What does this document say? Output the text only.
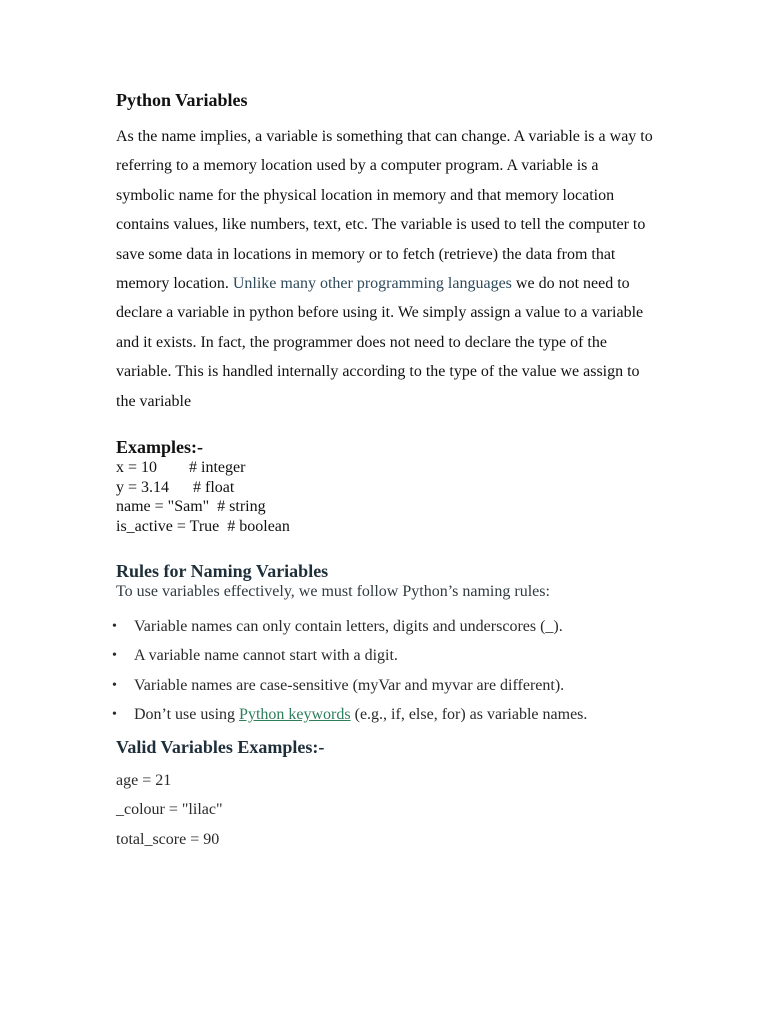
Python Variables

As the name implies, a variable is something that can change. A variable is a way to referring to a memory location used by a computer program. A variable is a symbolic name for the physical location in memory and that memory location contains values, like numbers, text, etc. The variable is used to tell the computer to save some data in locations in memory or to fetch (retrieve) the data from that memory location. Unlike many other programming languages we do not need to declare a variable in python before using it. We simply assign a value to a variable and it exists. In fact, the programmer does not need to declare the type of the variable. This is handled internally according to the type of the value we assign to the variable

Examples:-
x = 10        # integer
y = 3.14      # float
name = "Sam"  # string
is_active = True  # boolean
Rules for Naming Variables

To use variables effectively, we must follow Python’s naming rules:

• Variable names can only contain letters, digits and underscores (_).
• A variable name cannot start with a digit.
• Variable names are case-sensitive (myVar and myvar are different).
• Don’t use using Python keywords (e.g., if, else, for) as variable names.
Valid Variables Examples:-
age = 21
_colour = "lilac"
total_score = 90
